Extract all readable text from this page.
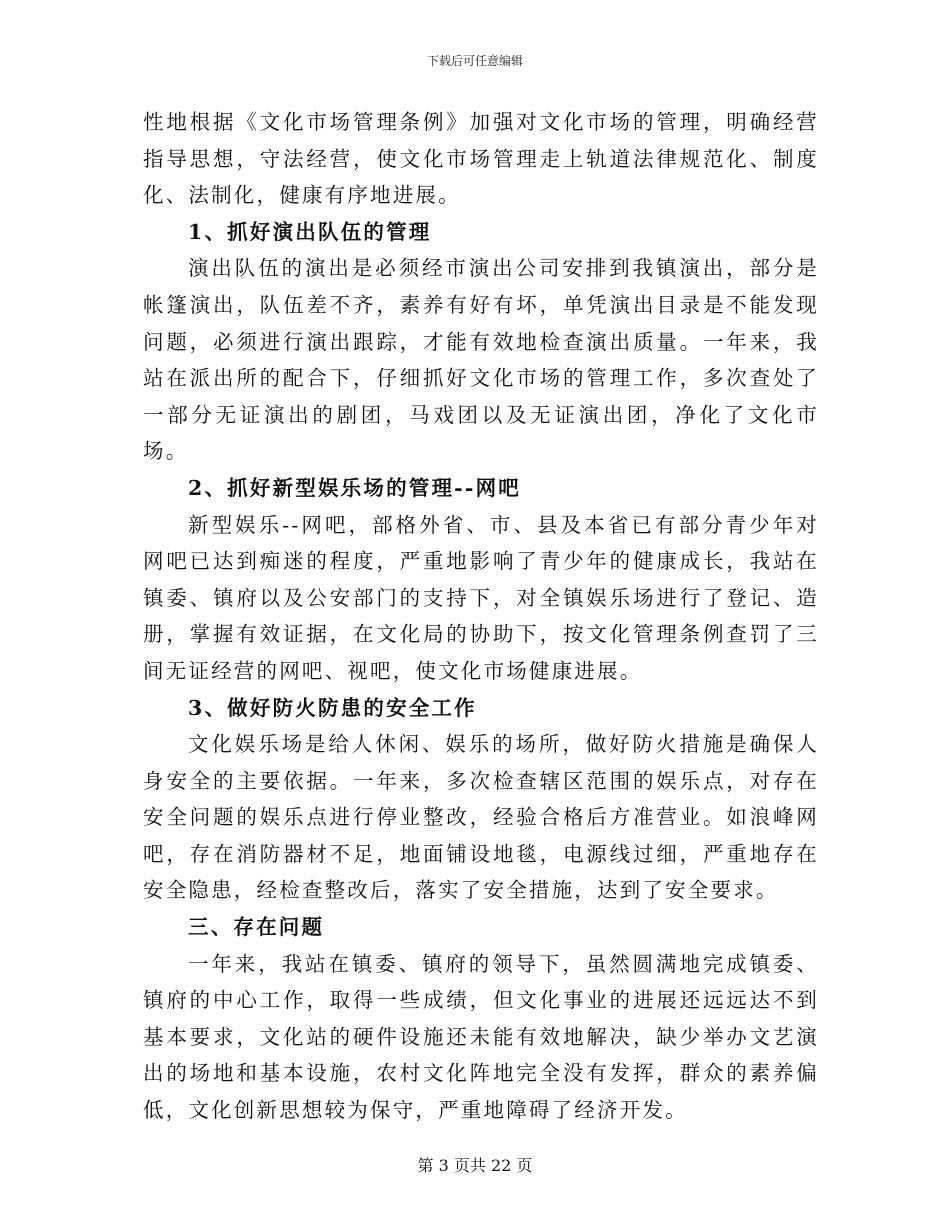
下载后可任意编辑

性地根据《文化市场管理条例》加强对文化市场的管理，明确经营指导思想，守法经营，使文化市场管理走上轨道法律规范化、制度化、法制化，健康有序地进展。

1、抓好演出队伍的管理

演出队伍的演出是必须经市演出公司安排到我镇演出，部分是帐篷演出，队伍差不齐，素养有好有坏，单凭演出目录是不能发现问题，必须进行演出跟踪，才能有效地检查演出质量。一年来，我站在派出所的配合下，仔细抓好文化市场的管理工作，多次查处了一部分无证演出的剧团，马戏团以及无证演出团，净化了文化市场。

2、抓好新型娱乐场的管理--网吧

新型娱乐--网吧，部格外省、市、县及本省已有部分青少年对网吧已达到痴迷的程度，严重地影响了青少年的健康成长，我站在镇委、镇府以及公安部门的支持下，对全镇娱乐场进行了登记、造册，掌握有效证据，在文化局的协助下，按文化管理条例查罚了三间无证经营的网吧、视吧，使文化市场健康进展。

3、做好防火防患的安全工作

文化娱乐场是给人休闲、娱乐的场所，做好防火措施是确保人身安全的主要依据。一年来，多次检查辖区范围的娱乐点，对存在安全问题的娱乐点进行停业整改，经验合格后方准营业。如浪峰网吧，存在消防器材不足，地面铺设地毯，电源线过细，严重地存在安全隐患，经检查整改后，落实了安全措施，达到了安全要求。

三、存在问题

一年来，我站在镇委、镇府的领导下，虽然圆满地完成镇委、镇府的中心工作，取得一些成绩，但文化事业的进展还远远达不到基本要求，文化站的硬件设施还未能有效地解决，缺少举办文艺演出的场地和基本设施，农村文化阵地完全没有发挥，群众的素养偏低，文化创新思想较为保守，严重地障碍了经济开发。

第 3 页共 22 页
